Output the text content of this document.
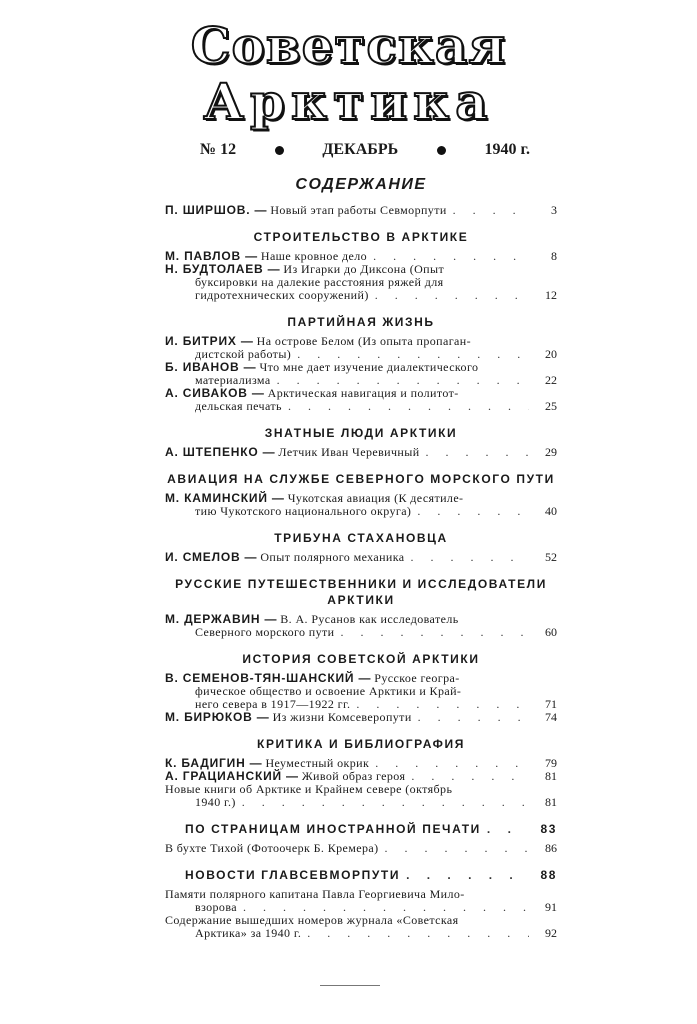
Советская
Арктика
№ 12	ДЕКАБРЬ	1940 г.
СОДЕРЖАНИЕ
П. ШИРШОВ. — Новый этап работы Севморпути . . .	3
СТРОИТЕЛЬСТВО В АРКТИКЕ
М. ПАВЛОВ — Наше кровное дело . . .	8
Н. БУДТОЛАЕВ — Из Игарки до Диксона (Опыт
буксировки на далекие расстояния ряжей для
гидротехнических сооружений) . . .	12
ПАРТИЙНАЯ ЖИЗНЬ
И. БИТРИХ — На острове Белом (Из опыта пропаган-
дистской работы) . . .	20
Б. ИВАНОВ — Что мне дает изучение диалектического
материализма . . .	22
А. СИВАКОВ — Арктическая навигация и политот-
дельская печать . . .	25
ЗНАТНЫЕ ЛЮДИ АРКТИКИ
А. ШТЕПЕНКО — Летчик Иван Черевичный . . .	29
АВИАЦИЯ НА СЛУЖБЕ СЕВЕРНОГО МОРСКОГО ПУТИ
М. КАМИНСКИЙ — Чукотская авиация (К десятиле-
тию Чукотского национального округа) . . .	40
ТРИБУНА СТАХАНОВЦА
И. СМЕЛОВ — Опыт полярного механика . . .	52
РУССКИЕ ПУТЕШЕСТВЕННИКИ И ИССЛЕДОВАТЕЛИ АРКТИКИ
М. ДЕРЖАВИН — В. А. Русанов как исследователь
Северного морского пути . . .	60
ИСТОРИЯ СОВЕТСКОЙ АРКТИКИ
В. СЕМЕНОВ-ТЯН-ШАНСКИЙ — Русское геогра-
фическое общество и освоение Арктики и Край-
него севера в 1917—1922 гг. . . .	71
М. БИРЮКОВ — Из жизни Комсеверопути . . .	74
КРИТИКА И БИБЛИОГРАФИЯ
К. БАДИГИН — Неуместный окрик . . .	79
А. ГРАЦИАНСКИЙ — Живой образ героя . . .	81
Новые книги об Арктике и Крайнем севере (октябрь
1940 г.) . . .	81
ПО СТРАНИЦАМ ИНОСТРАННОЙ ПЕЧАТИ . . .	83
В бухте Тихой (Фотоочерк Б. Кремера) . . .	86
НОВОСТИ ГЛАВСЕВМОРПУТИ . . .	88
Памяти полярного капитана Павла Георгиевича Мило-
взорова . . .	91
Содержание вышедших номеров журнала «Советская
Арктика» за 1940 г. . . .	92
